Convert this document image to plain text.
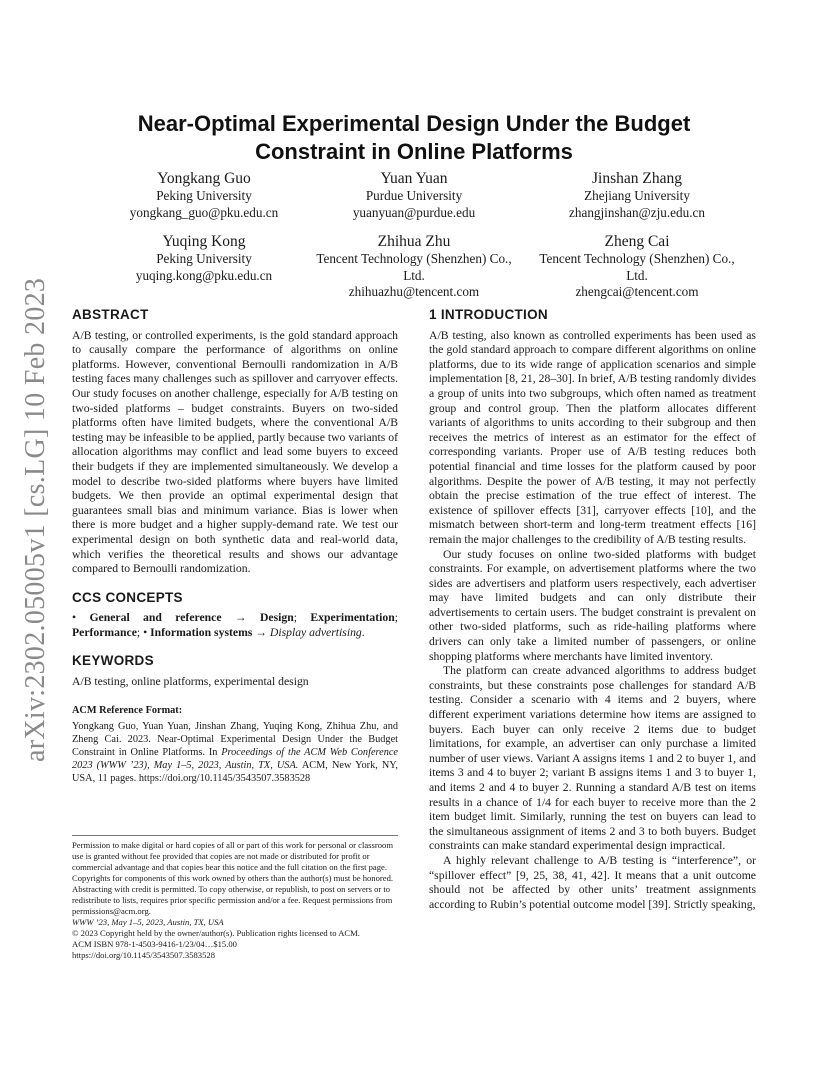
arXiv:2302.05005v1 [cs.LG] 10 Feb 2023
Near-Optimal Experimental Design Under the Budget Constraint in Online Platforms
Yongkang Guo
Peking University
yongkang_guo@pku.edu.cn
Yuan Yuan
Purdue University
yuanyuan@purdue.edu
Jinshan Zhang
Zhejiang University
zhangjinshan@zju.edu.cn
Yuqing Kong
Peking University
yuqing.kong@pku.edu.cn
Zhihua Zhu
Tencent Technology (Shenzhen) Co.,
Ltd.
zhihuazhu@tencent.com
Zheng Cai
Tencent Technology (Shenzhen) Co.,
Ltd.
zhengcai@tencent.com
ABSTRACT

A/B testing, or controlled experiments, is the gold standard approach to causally compare the performance of algorithms on online platforms. However, conventional Bernoulli randomization in A/B testing faces many challenges such as spillover and carryover effects. Our study focuses on another challenge, especially for A/B testing on two-sided platforms – budget constraints. Buyers on two-sided platforms often have limited budgets, where the conventional A/B testing may be infeasible to be applied, partly because two variants of allocation algorithms may conflict and lead some buyers to exceed their budgets if they are implemented simultaneously. We develop a model to describe two-sided platforms where buyers have limited budgets. We then provide an optimal experimental design that guarantees small bias and minimum variance. Bias is lower when there is more budget and a higher supply-demand rate. We test our experimental design on both synthetic data and real-world data, which verifies the theoretical results and shows our advantage compared to Bernoulli randomization.

CCS CONCEPTS

• General and reference → Design; Experimentation; Performance; • Information systems → Display advertising.

KEYWORDS

A/B testing, online platforms, experimental design

ACM Reference Format:

Yongkang Guo, Yuan Yuan, Jinshan Zhang, Yuqing Kong, Zhihua Zhu, and Zheng Cai. 2023. Near-Optimal Experimental Design Under the Budget Constraint in Online Platforms. In Proceedings of the ACM Web Conference 2023 (WWW ’23), May 1–5, 2023, Austin, TX, USA. ACM, New York, NY, USA, 11 pages. https://doi.org/10.1145/3543507.3583528

Permission to make digital or hard copies of all or part of this work for personal or classroom use is granted without fee provided that copies are not made or distributed for profit or commercial advantage and that copies bear this notice and the full citation on the first page. Copyrights for components of this work owned by others than the author(s) must be honored. Abstracting with credit is permitted. To copy otherwise, or republish, to post on servers or to redistribute to lists, requires prior specific permission and/or a fee. Request permissions from permissions@acm.org.

WWW ’23, May 1–5, 2023, Austin, TX, USA

© 2023 Copyright held by the owner/author(s). Publication rights licensed to ACM.

ACM ISBN 978-1-4503-9416-1/23/04…$15.00

https://doi.org/10.1145/3543507.3583528

1 INTRODUCTION

A/B testing, also known as controlled experiments has been used as the gold standard approach to compare different algorithms on online platforms, due to its wide range of application scenarios and simple implementation [8, 21, 28–30]. In brief, A/B testing randomly divides a group of units into two subgroups, which often named as treatment group and control group. Then the platform allocates different variants of algorithms to units according to their subgroup and then receives the metrics of interest as an estimator for the effect of corresponding variants. Proper use of A/B testing reduces both potential financial and time losses for the platform caused by poor algorithms. Despite the power of A/B testing, it may not perfectly obtain the precise estimation of the true effect of interest. The existence of spillover effects [31], carryover effects [10], and the mismatch between short-term and long-term treatment effects [16] remain the major challenges to the credibility of A/B testing results.

Our study focuses on online two-sided platforms with budget constraints. For example, on advertisement platforms where the two sides are advertisers and platform users respectively, each advertiser may have limited budgets and can only distribute their advertisements to certain users. The budget constraint is prevalent on other two-sided platforms, such as ride-hailing platforms where drivers can only take a limited number of passengers, or online shopping platforms where merchants have limited inventory.

The platform can create advanced algorithms to address budget constraints, but these constraints pose challenges for standard A/B testing. Consider a scenario with 4 items and 2 buyers, where different experiment variations determine how items are assigned to buyers. Each buyer can only receive 2 items due to budget limitations, for example, an advertiser can only purchase a limited number of user views. Variant A assigns items 1 and 2 to buyer 1, and items 3 and 4 to buyer 2; variant B assigns items 1 and 3 to buyer 1, and items 2 and 4 to buyer 2. Running a standard A/B test on items results in a chance of 1/4 for each buyer to receive more than the 2 item budget limit. Similarly, running the test on buyers can lead to the simultaneous assignment of items 2 and 3 to both buyers. Budget constraints can make standard experimental design impractical.

A highly relevant challenge to A/B testing is “interference”, or “spillover effect” [9, 25, 38, 41, 42]. It means that a unit outcome should not be affected by other units’ treatment assignments according to Rubin’s potential outcome model [39]. Strictly speaking,
